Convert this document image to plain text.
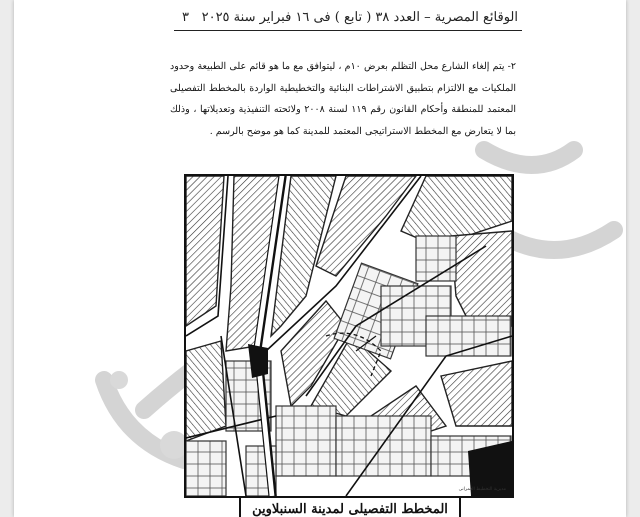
الوقائع المصرية – العدد ٣٨ ( تابع ) فى ١٦ فبراير سنة ٢٠٢٥
٣

٢- يتم إلغاء الشارع محل التظلم بعرض ١٠م ، ليتوافق مع ما هو قائم على الطبيعة وحدود الملكيات مع الالتزام بتطبيق الاشتراطات البنائية والتخطيطية الواردة بالمخطط التفصيلى المعتمد للمنطقة وأحكام القانون رقم ١١٩ لسنة ٢٠٠٨ ولائحته التنفيذية وتعديلاتها ، وذلك بما لا يتعارض مع المخطط الاستراتيجى المعتمد للمدينة كما هو موضح بالرسم .

مديرية التخطيط العمرانى
المخطط التفصيلى لمدينة السنبلاوين
